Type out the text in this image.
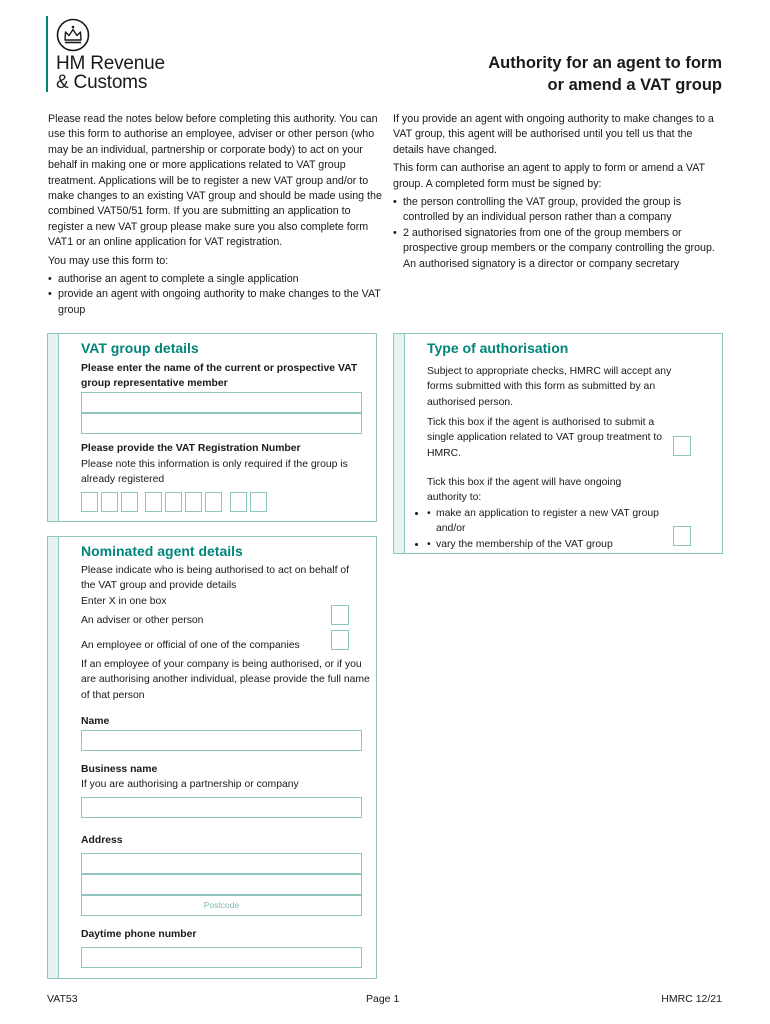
HM Revenue
& Customs
Authority for an agent to form
or amend a VAT group

Please read the notes below before completing this authority. You can use this form to authorise an employee, adviser or other person (who may be an individual, partnership or corporate body) to act on your behalf in making one or more applications related to VAT group treatment. Applications will be to register a new VAT group and/or to make changes to an existing VAT group and should be made using the combined VAT50/51 form. If you are submitting an application to register a new VAT group please make sure you also complete form VAT1 or an online application for VAT registration.

You may use this form to:

• authorise an agent to complete a single application
• provide an agent with ongoing authority to make changes to the VAT group

If you provide an agent with ongoing authority to make changes to a VAT group, this agent will be authorised until you tell us that the details have changed.

This form can authorise an agent to apply to form or amend a VAT group. A completed form must be signed by:

• the person controlling the VAT group, provided the group is controlled by an individual person rather than a company
• 2 authorised signatories from one of the group members or prospective group members or the company controlling the group. An authorised signatory is a director or company secretary
VAT group details
Please enter the name of the current or prospective VAT group representative member
Please provide the VAT Registration Number
Please note this information is only required if the group is already registered
Nominated agent details
Please indicate who is being authorised to act on behalf of the VAT group and provide details
Enter X in one box
An adviser or other person
An employee or official of one of the companies
If an employee of your company is being authorised, or if you are authorising another individual, please provide the full name of that person
Name
Business name
If you are authorising a partnership or company
Address
Postcode
Daytime phone number
Type of authorisation
Subject to appropriate checks, HMRC will accept any forms submitted with this form as submitted by an authorised person.
Tick this box if the agent is authorised to submit a single application related to VAT group treatment to HMRC.
Tick this box if the agent will have ongoing authority to:
• • make an application to register a new VAT group and/or
• • vary the membership of the VAT group
VAT53	Page 1	HMRC 12/21
